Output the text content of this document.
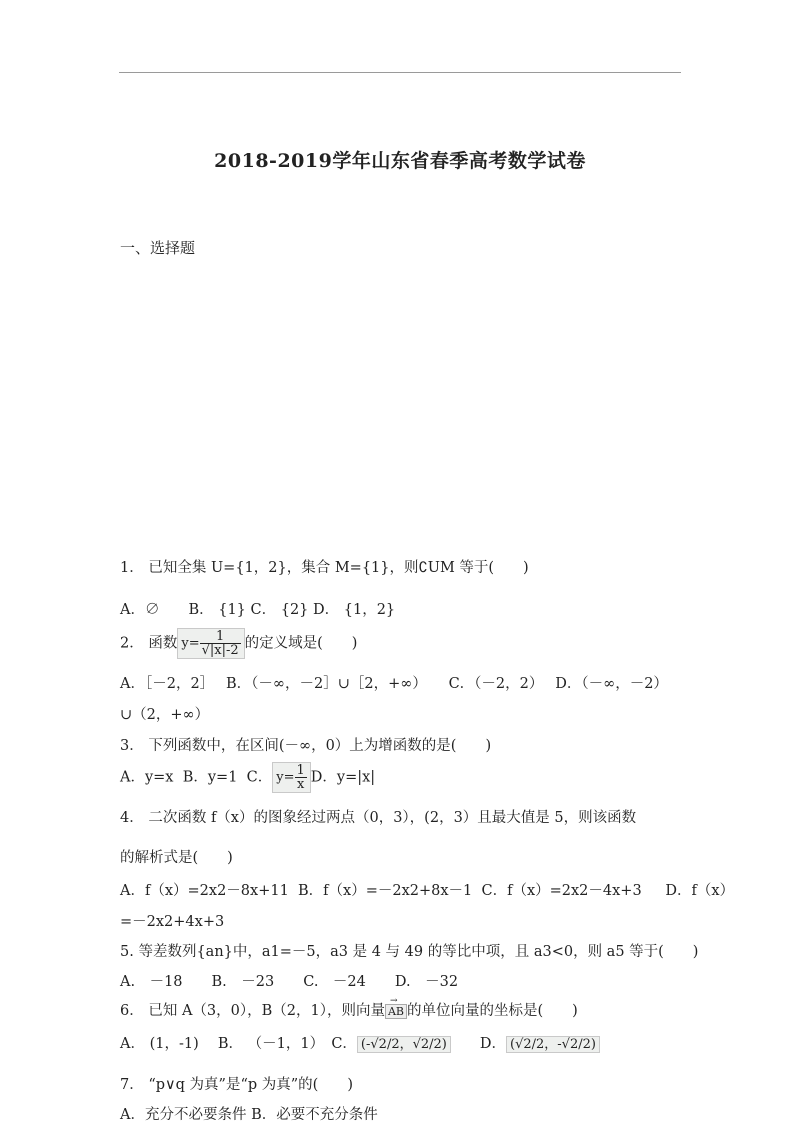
2018-2019学年山东省春季高考数学试卷
一、选择题
1． 已知全集 U={1，2}，集合 M={1}，则∁UM 等于(　　)
A．∅　　B． {1} C． {2} D． {1，2}
2． 函数 $y= \frac{1}{√|x|-2}$ 的定义域是(　　)
A．［－2，2］　 B．（－∞，－2］∪［2，+∞）　　C．（－2，2）　 D．（－∞，－2）
∪（2，+∞）
3． 下列函数中，在区间(－∞，0）上为增函数的是(　　)
A．y=x  B．y=1  C． $y= \frac{1}{x}$ D．y=|x|
4． 二次函数 f（x）的图象经过两点（0，3），(2，3）且最大值是 5，则该函数
的解析式是(　　)
A．f（x）=2x2－8x+11  B．f（x）=－2x2+8x－1  C．f（x）=2x2－4x+3　  D．f（x）
=－2x2+4x+3
5. 等差数列{an}中，a1=－5，a3 是 4 与 49 的等比中项，且 a3<0，则 a5 等于(　　)
A.　－18　　B.　－23　　C.　－24　　D.　－32
6． 已知 A（3，0），B（2，1），则向量→ AB 的单位向量的坐标是(　　)
A． (1，-1)　 B． （－1，1）　C． (-√2/2，√2/2)　　D． (√2/2，-√2/2)
7． “p∨q 为真”是“p 为真”的(　　)
A．充分不必要条件 B．必要不充分条件
